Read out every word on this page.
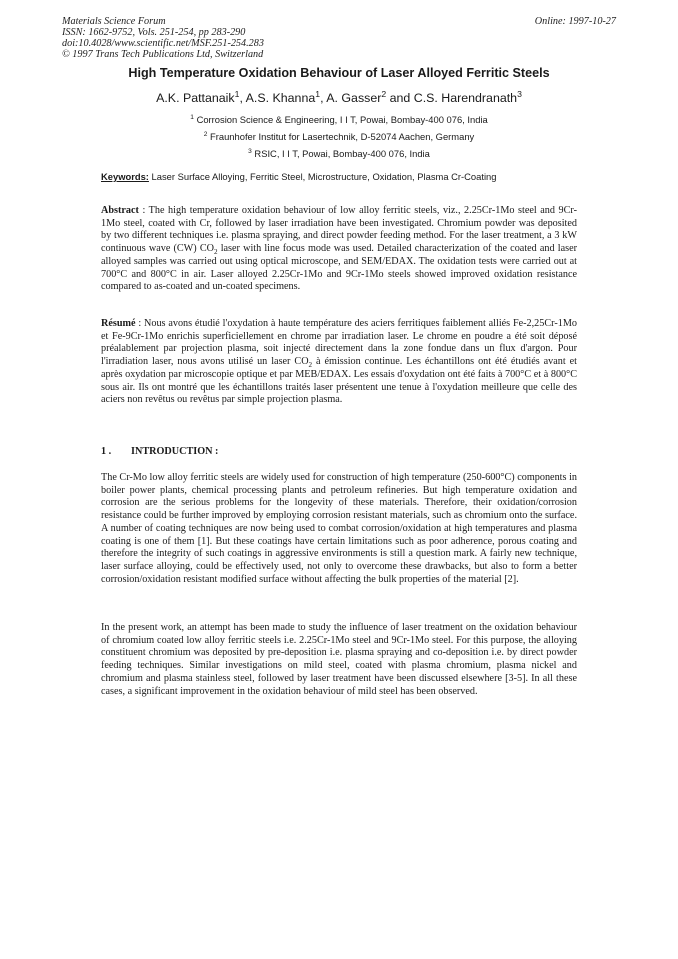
Materials Science Forum
ISSN: 1662-9752, Vols. 251-254, pp 283-290
doi:10.4028/www.scientific.net/MSF.251-254.283
© 1997 Trans Tech Publications Ltd, Switzerland
Online: 1997-10-27
High Temperature Oxidation Behaviour of Laser Alloyed Ferritic Steels
A.K. Pattanaik$^1$, A.S. Khanna$^1$, A. Gasser$^2$ and C.S. Harendranath$^3$
$^1$ Corrosion Science & Engineering, I I T, Powai, Bombay-400 076, India
$^2$ Fraunhofer Institut for Lasertechnik, D-52074 Aachen, Germany
$^3$ RSIC, I I T, Powai, Bombay-400 076, India
Keywords: Laser Surface Alloying, Ferritic Steel, Microstructure, Oxidation, Plasma Cr-Coating
Abstract : The high temperature oxidation behaviour of low alloy ferritic steels, viz., 2.25Cr-1Mo steel and 9Cr-1Mo steel, coated with Cr, followed by laser irradiation have been investigated. Chromium powder was deposited by two different techniques i.e. plasma spraying, and direct powder feeding method. For the laser treatment, a 3 kW continuous wave (CW) $CO_2$ laser with line focus mode was used. Detailed characterization of the coated and laser alloyed samples was carried out using optical microscope, and SEM/EDAX. The oxidation tests were carried out at 700°C and 800°C in air. Laser alloyed 2.25Cr-1Mo and 9Cr-1Mo steels showed improved oxidation resistance compared to as-coated and un-coated specimens.
Résumé : Nous avons étudié l'oxydation à haute température des aciers ferritiques faiblement alliés Fe-2,25Cr-1Mo et Fe-9Cr-1Mo enrichis superficiellement en chrome par irradiation laser. Le chrome en poudre a été soit déposé préalablement par projection plasma, soit injecté directement dans la zone fondue dans un flux d'argon. Pour l'irradiation laser, nous avons utilisé un laser $CO_2$ à émission continue. Les échantillons ont été étudiés avant et après oxydation par microscopie optique et par MEB/EDAX. Les essais d'oxydation ont été faits à 700°C et à 800°C sous air. Ils ont montré que les échantillons traités laser présentent une tenue à l'oxydation meilleure que celle des aciers non revêtus ou revêtus par simple projection plasma.
1 . INTRODUCTION :
The Cr-Mo low alloy ferritic steels are widely used for construction of high temperature (250-600°C) components in boiler power plants, chemical processing plants and petroleum refineries. But high temperature oxidation and corrosion are the serious problems for the longevity of these materials. Therefore, their oxidation/corrosion resistance could be further improved by employing corrosion resistant materials, such as chromium onto the surface. A number of coating techniques are now being used to combat corrosion/oxidation at high temperatures and plasma coating is one of them [1]. But these coatings have certain limitations such as poor adherence, porous coating and therefore the integrity of such coatings in aggressive environments is still a question mark. A fairly new technique, laser surface alloying, could be effectively used, not only to overcome these drawbacks, but also to form a better corrosion/oxidation resistant modified surface without affecting the bulk properties of the material [2].
In the present work, an attempt has been made to study the influence of laser treatment on the oxidation behaviour of chromium coated low alloy ferritic steels i.e. 2.25Cr-1Mo steel and 9Cr-1Mo steel. For this purpose, the alloying constituent chromium was deposited by pre-deposition i.e. plasma spraying and co-deposition i.e. by direct powder feeding techniques. Similar investigations on mild steel, coated with plasma chromium, plasma nickel and chromium and plasma stainless steel, followed by laser treatment have been discussed elsewhere [3-5]. In all these cases, a significant improvement in the oxidation behaviour of mild steel has been observed.
